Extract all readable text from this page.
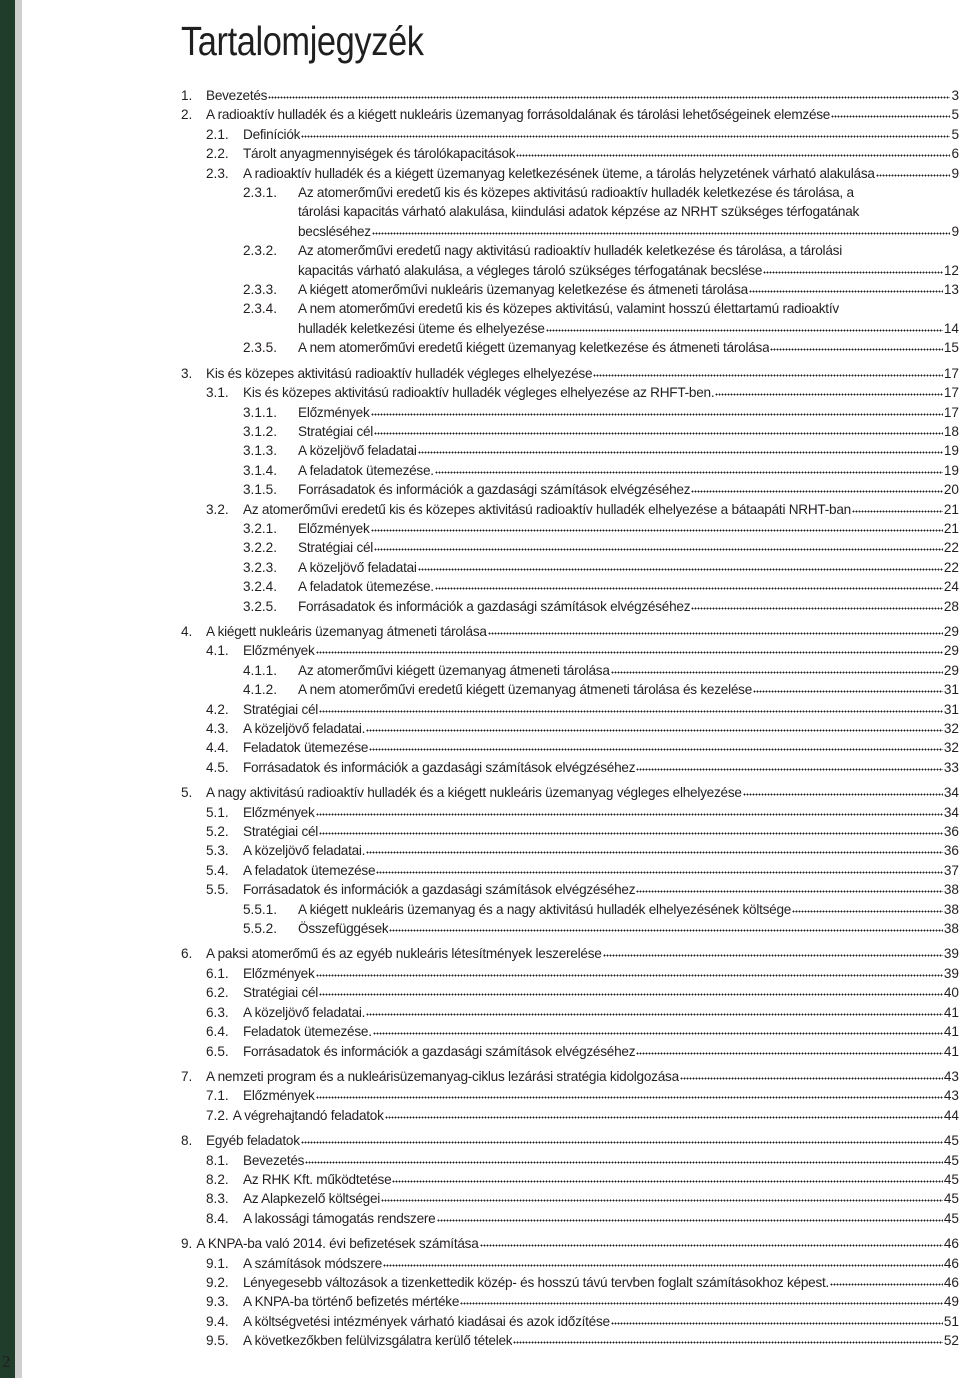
Tartalomjegyzék
1.	Bevezetés	3
2.	A radioaktív hulladék és a kiégett nukleáris üzemanyag forrásoldalának és tárolási lehetőségeinek elemzése	5
2.1.	Definíciók	5
2.2.	Tárolt anyagmennyiségek és tárolókapacitások	6
2.3.	A radioaktív hulladék és a kiégett üzemanyag keletkezésének üteme, a tárolás helyzetének várható alakulása	9
2.3.1.	Az atomerőművi eredetű kis és közepes aktivitású radioaktív hulladék keletkezése és tárolása, a
tárolási kapacitás várható alakulása, kiindulási adatok képzése az NRHT szükséges térfogatának
becsléséhez	9
2.3.2.	Az atomerőművi eredetű nagy aktivitású radioaktív hulladék keletkezése és tárolása, a tárolási
kapacitás várható alakulása, a végleges tároló szükséges térfogatának becslése	12
2.3.3.	A kiégett atomerőművi nukleáris üzemanyag keletkezése és átmeneti tárolása	13
2.3.4.	A nem atomerőművi eredetű kis és közepes aktivitású, valamint hosszú élettartamú radioaktív
hulladék keletkezési üteme és elhelyezése	14
2.3.5.	A nem atomerőművi eredetű kiégett üzemanyag keletkezése és átmeneti tárolása	15
3.	Kis és közepes aktivitású radioaktív hulladék végleges elhelyezése	17
3.1.	Kis és közepes aktivitású radioaktív hulladék végleges elhelyezése az RHFT-ben.	17
3.1.1.	Előzmények	17
3.1.2.	Stratégiai cél	18
3.1.3.	A közeljövő feladatai	19
3.1.4.	A feladatok ütemezése.	19
3.1.5.	Forrásadatok és információk a gazdasági számítások elvégzéséhez	20
3.2.	Az atomerőművi eredetű kis és közepes aktivitású radioaktív hulladék elhelyezése a bátaapáti NRHT-ban	21
3.2.1.	Előzmények	21
3.2.2.	Stratégiai cél	22
3.2.3.	A közeljövő feladatai	22
3.2.4.	A feladatok ütemezése.	24
3.2.5.	Forrásadatok és információk a gazdasági számítások elvégzéséhez	28
4.	A kiégett nukleáris üzemanyag átmeneti tárolása	29
4.1.	Előzmények	29
4.1.1.	Az atomerőművi kiégett üzemanyag átmeneti tárolása	29
4.1.2.	A nem atomerőművi eredetű kiégett üzemanyag átmeneti tárolása és kezelése	31
4.2.	Stratégiai cél	31
4.3.	A közeljövő feladatai.	32
4.4.	Feladatok ütemezése	32
4.5.	Forrásadatok és információk a gazdasági számítások elvégzéséhez	33
5.	A nagy aktivitású radioaktív hulladék és a kiégett nukleáris üzemanyag végleges elhelyezése	34
5.1.	Előzmények	34
5.2.	Stratégiai cél	36
5.3.	A közeljövő feladatai.	36
5.4.	A feladatok ütemezése	37
5.5.	Forrásadatok és információk a gazdasági számítások elvégzéséhez	38
5.5.1.	A kiégett nukleáris üzemanyag és a nagy aktivitású hulladék elhelyezésének költsége	38
5.5.2.	Összefüggések	38
6.	A paksi atomerőmű és az egyéb nukleáris létesítmények leszerelése	39
6.1.	Előzmények	39
6.2.	Stratégiai cél	40
6.3.	A közeljövő feladatai.	41
6.4.	Feladatok ütemezése.	41
6.5.	Forrásadatok és információk a gazdasági számítások elvégzéséhez	41
7.	A nemzeti program és a nukleárisüzemanyag-ciklus lezárási stratégia kidolgozása	43
7.1.	Előzmények	43
7.2. A végrehajtandó feladatok	44
8.	Egyéb feladatok	45
8.1.	Bevezetés	45
8.2.	Az RHK Kft. működtetése	45
8.3.	Az Alapkezelő költségei	45
8.4.	A lakossági támogatás rendszere	45
9. A KNPA-ba való 2014. évi befizetések számítása	46
9.1.	A számítások módszere	46
9.2.	Lényegesebb változások a tizenkettedik közép- és hosszú távú tervben foglalt számításokhoz képest.	46
9.3.	A KNPA-ba történő befizetés mértéke	49
9.4.	A költségvetési intézmények várható kiadásai és azok időzítése	51
9.5.	A következőkben felülvizsgálatra kerülő tételek	52
2
